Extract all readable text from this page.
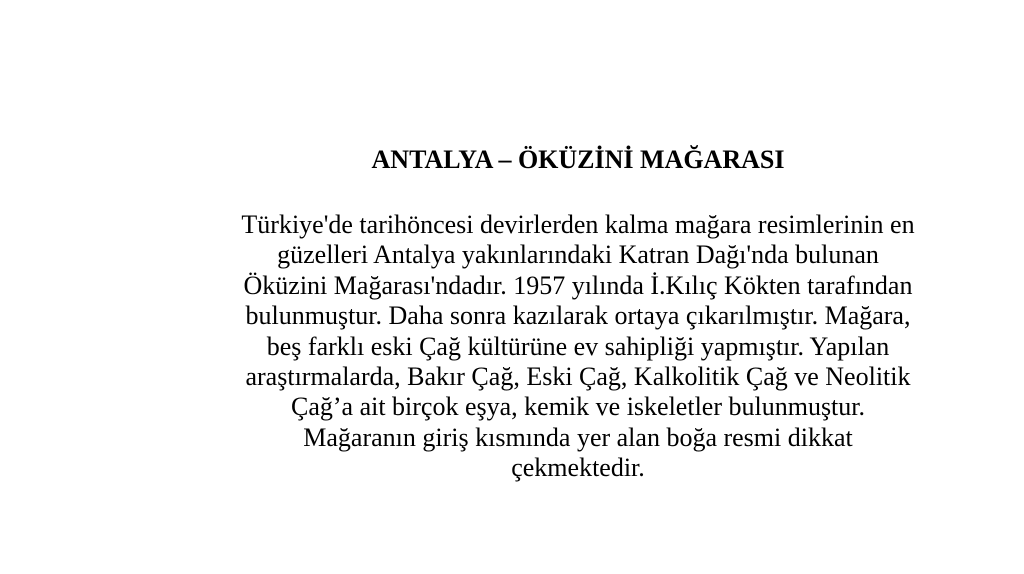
ANTALYA – ÖKÜZİNİ MAĞARASI

Türkiye'de tarihöncesi devirlerden kalma mağara resimlerinin en
güzelleri Antalya yakınlarındaki Katran Dağı'nda bulunan
Öküzini Mağarası'ndadır. 1957 yılında İ.Kılıç Kökten tarafından
bulunmuştur. Daha sonra kazılarak ortaya çıkarılmıştır. Mağara,
beş farklı eski Çağ kültürüne ev sahipliği yapmıştır. Yapılan
araştırmalarda, Bakır Çağ, Eski Çağ, Kalkolitik Çağ ve Neolitik
Çağ’a ait birçok eşya, kemik ve iskeletler bulunmuştur.
Mağaranın giriş kısmında yer alan boğa resmi dikkat
çekmektedir.
